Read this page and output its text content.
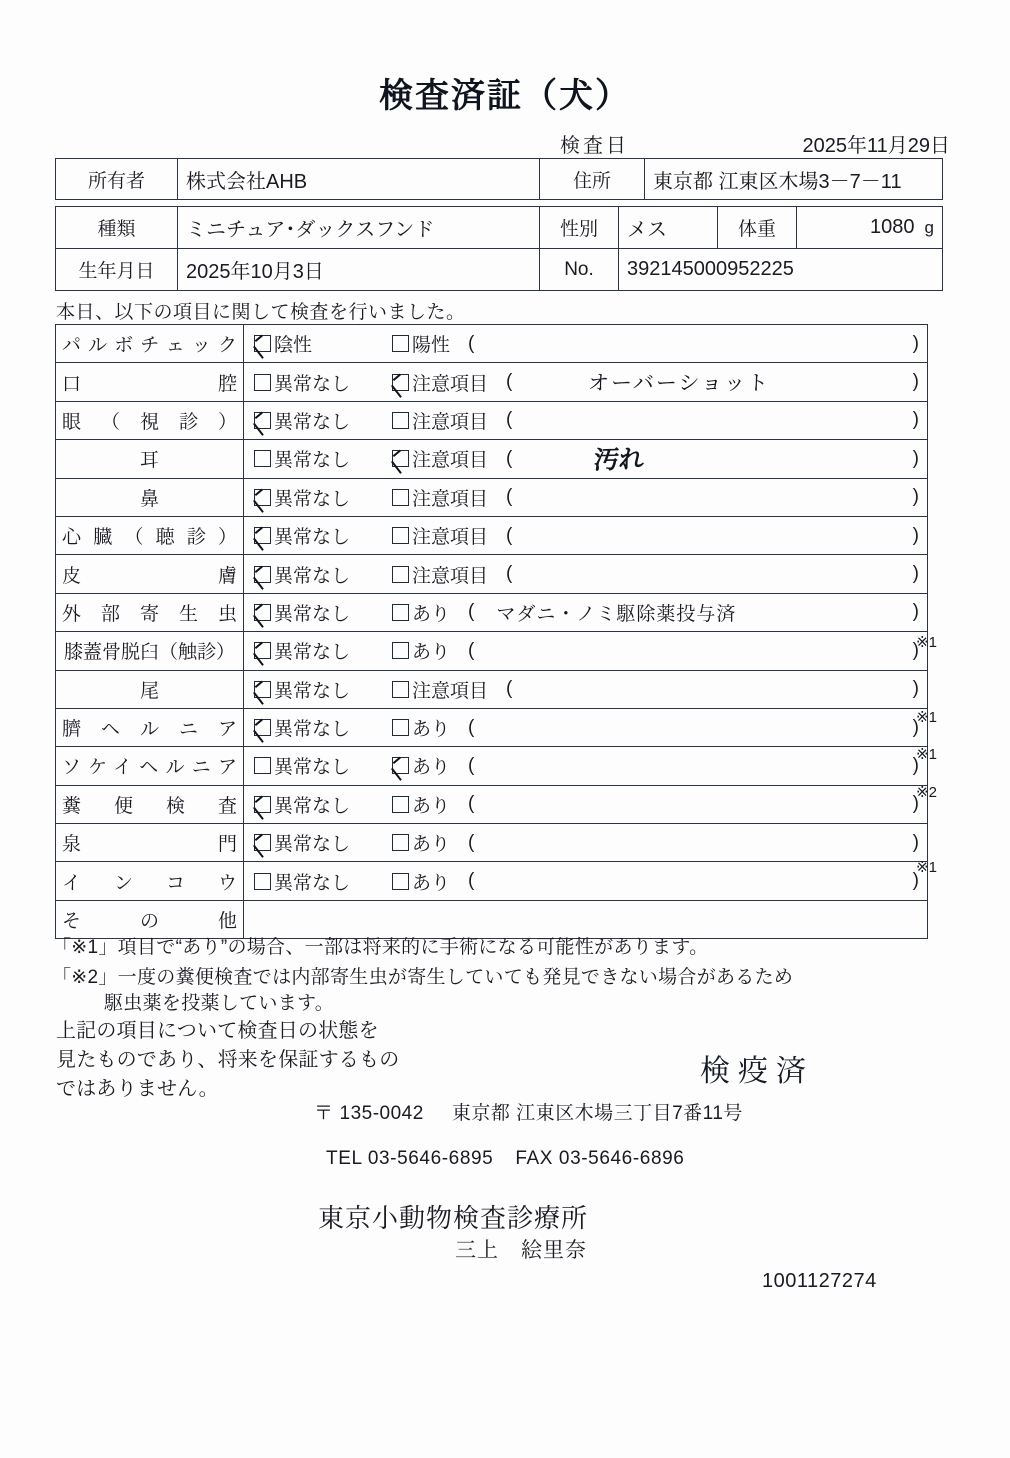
検査済証（犬）
検査日	2025年11月29日
所有者	株式会社AHB	住所	東京都 江東区木場3－7－11
種類	ミニチュア･ダックスフンド	性別	メス	体重	1080 g
生年月日	2025年10月3日	No.	392145000952225		
本日、以下の項目に関して検査を行いました。
パルボチェック	陰性 陽性 ( )

口腔	異常なし 注意項目 ( オーバーショット )

眼（視診）	異常なし 注意項目 ( )

耳	異常なし 注意項目 ( 汚れ )

鼻	異常なし 注意項目 ( )

心臓（聴診）	異常なし 注意項目 ( )

皮膚	異常なし 注意項目 ( )

外部寄生虫	異常なし あり ( マダニ・ノミ駆除薬投与済 )

膝蓋骨脱臼（触診）	異常なし あり ( )

尾	異常なし 注意項目 ( )

臍ヘルニア	異常なし あり ( )

ソケイヘルニア	異常なし あり ( )

糞便検査	異常なし あり ( )

泉門	異常なし あり ( )

インコウ	異常なし あり ( )

その他	
「※1」項目で“あり”の場合、一部は将来的に手術になる可能性があります。
「※2」一度の糞便検査では内部寄生虫が寄生していても発見できない場合があるため
駆虫薬を投薬しています。
上記の項目について検査日の状態を
見たものであり、将来を保証するもの
ではありません。
検疫済
〒 135-0042 東京都 江東区木場三丁目7番11号
TEL 03-5646-6895 FAX 03-5646-6896
東京小動物検査診療所
三上　絵里奈
1001127274
※1
※1
※1
※2
※1
